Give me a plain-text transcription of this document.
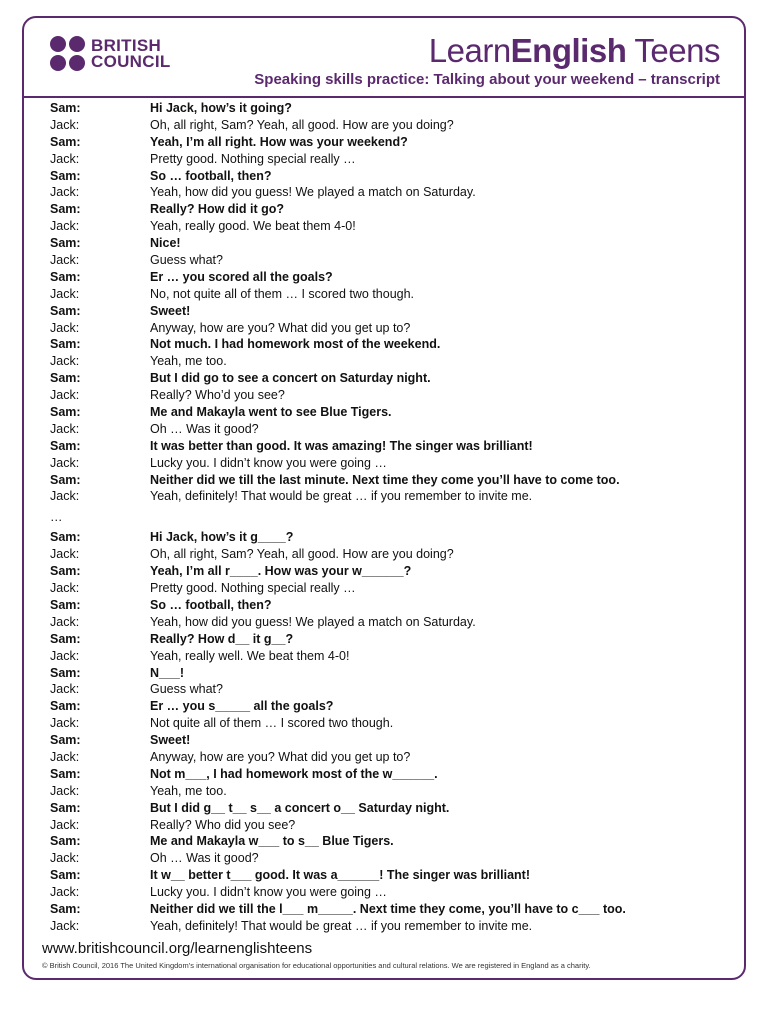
BRITISH
COUNCIL	LearnEnglish Teens
Speaking skills practice: Talking about your weekend – transcript
Sam:	Hi Jack, how’s it going?
Jack:	Oh, all right, Sam? Yeah, all good. How are you doing?
Sam:	Yeah, I’m all right. How was your weekend?
Jack:	Pretty good. Nothing special really …
Sam:	So … football, then?
Jack:	Yeah, how did you guess! We played a match on Saturday.
Sam:	Really? How did it go?
Jack:	Yeah, really good. We beat them 4-0!
Sam:	Nice!
Jack:	Guess what?
Sam:	Er … you scored all the goals?
Jack:	No, not quite all of them … I scored two though.
Sam:	Sweet!
Jack:	Anyway, how are you? What did you get up to?
Sam:	Not much. I had homework most of the weekend.
Jack:	Yeah, me too.
Sam:	But I did go to see a concert on Saturday night.
Jack:	Really? Who’d you see?
Sam:	Me and Makayla went to see Blue Tigers.
Jack:	Oh … Was it good?
Sam:	It was better than good. It was amazing! The singer was brilliant!
Jack:	Lucky you. I didn’t know you were going …
Sam:	Neither did we till the last minute. Next time they come you’ll have to come too.
Jack:	Yeah, definitely! That would be great … if you remember to invite me.
…
Sam:	Hi Jack, how’s it g____?
Jack:	Oh, all right, Sam? Yeah, all good. How are you doing?
Sam:	Yeah, I’m all r____. How was your w______?
Jack:	Pretty good. Nothing special really …
Sam:	So … football, then?
Jack:	Yeah, how did you guess! We played a match on Saturday.
Sam:	Really? How d__ it g__?
Jack:	Yeah, really well. We beat them 4-0!
Sam:	N___!
Jack:	Guess what?
Sam:	Er … you s_____ all the goals?
Jack:	Not quite all of them … I scored two though.
Sam:	Sweet!
Jack:	Anyway, how are you? What did you get up to?
Sam:	Not m___, I had homework most of the w______.
Jack:	Yeah, me too.
Sam:	But I did g__ t__ s__ a concert o__ Saturday night.
Jack:	Really? Who did you see?
Sam:	Me and Makayla w___ to s__ Blue Tigers.
Jack:	Oh … Was it good?
Sam:	It w__ better t___ good. It was a______! The singer was brilliant!
Jack:	Lucky you. I didn’t know you were going …
Sam:	Neither did we till the l___ m_____. Next time they come, you’ll have to c___ too.
Jack:	Yeah, definitely! That would be great … if you remember to invite me.
www.britishcouncil.org/learnenglishteens
© British Council, 2016 The United Kingdom’s international organisation for educational opportunities and cultural relations. We are registered in England as a charity.
